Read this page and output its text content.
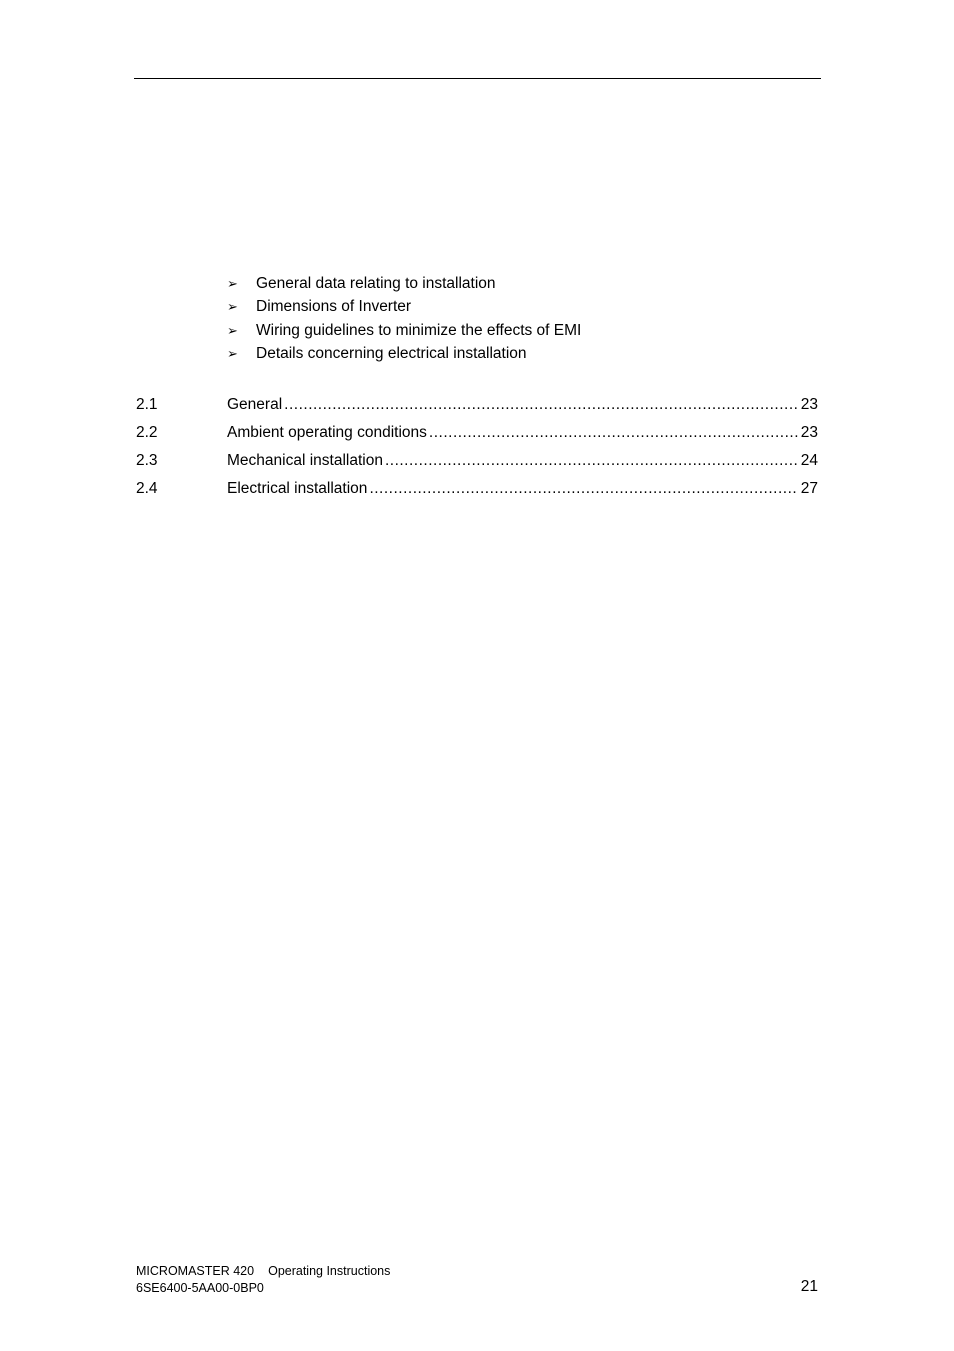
➢ General data relating to installation
➢ Dimensions of Inverter
➢ Wiring guidelines to minimize the effects of EMI
➢ Details concerning electrical installation
2.1	General .....	23
2.2	Ambient operating conditions .....	23
2.3	Mechanical installation .....	24
2.4	Electrical installation .....	27
MICROMASTER 420 Operating Instructions
6SE6400-5AA00-0BP0	21
